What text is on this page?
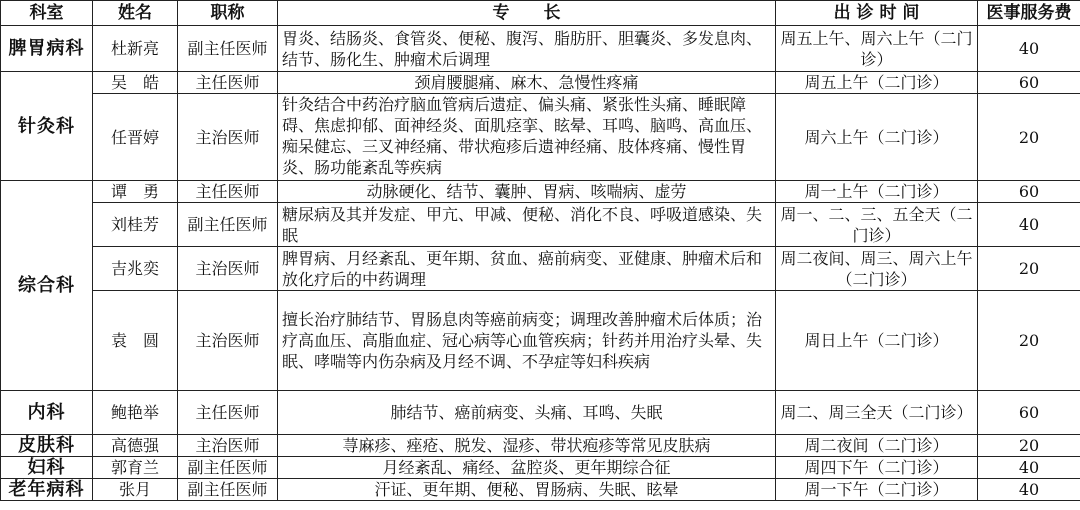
科室	姓名	职称	专　　长	出 诊 时 间	医事服务费
脾胃病科	杜新亮	副主任医师	胃炎、结肠炎、食管炎、便秘、腹泻、脂肪肝、胆囊炎、多发息肉、结节、肠化生、肿瘤术后调理	周五上午、周六上午（二门诊）	40
针灸科	吴　皓	主任医师	颈肩腰腿痛、麻木、急慢性疼痛	周五上午（二门诊）	60
	任晋婷	主治医师	针灸结合中药治疗脑血管病后遗症、偏头痛、紧张性头痛、睡眠障碍、焦虑抑郁、面神经炎、面肌痉挛、眩晕、耳鸣、脑鸣、高血压、痴呆健忘、三叉神经痛、带状疱疹后遗神经痛、肢体疼痛、慢性胃炎、肠功能紊乱等疾病	周六上午（二门诊）	20
综合科	谭　勇	主任医师	动脉硬化、结节、囊肿、胃病、咳喘病、虚劳	周一上午（二门诊）	60
	刘桂芳	副主任医师	糖尿病及其并发症、甲亢、甲减、便秘、消化不良、呼吸道感染、失眠	周一、二、三、五全天（二门诊）	40
	吉兆奕	主治医师	脾胃病、月经紊乱、更年期、贫血、癌前病变、亚健康、肿瘤术后和放化疗后的中药调理	周二夜间、周三、周六上午（二门诊）	20
	袁　圆	主治医师	擅长治疗肺结节、胃肠息肉等癌前病变；调理改善肿瘤术后体质；治疗高血压、高脂血症、冠心病等心血管疾病；针药并用治疗头晕、失眠、哮喘等内伤杂病及月经不调、不孕症等妇科疾病	周日上午（二门诊）	20
内科	鲍艳举	主任医师	肺结节、癌前病变、头痛、耳鸣、失眠	周二、周三全天（二门诊）	60
皮肤科	高德强	主治医师	荨麻疹、痤疮、脱发、湿疹、带状疱疹等常见皮肤病	周二夜间（二门诊）	20
妇科	郭育兰	副主任医师	月经紊乱、痛经、盆腔炎、更年期综合征	周四下午（二门诊）	40
老年病科	张月	副主任医师	汗证、更年期、便秘、胃肠病、失眠、眩晕	周一下午（二门诊）	40
